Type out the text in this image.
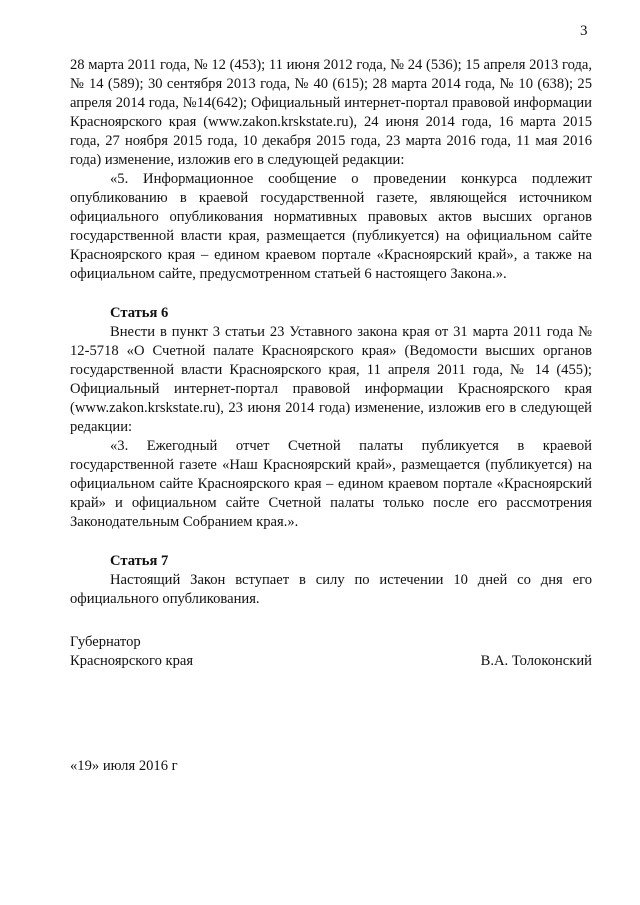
3

28 марта 2011 года, № 12 (453); 11 июня 2012 года, № 24 (536); 15 апреля 2013 года, № 14 (589); 30 сентября 2013 года, № 40 (615); 28 марта 2014 года, № 10 (638); 25 апреля 2014 года, №14(642); Официальный интернет-портал правовой информации Красноярского края (www.zakon.krskstate.ru), 24 июня 2014 года, 16 марта 2015 года, 27 ноября 2015 года, 10 декабря 2015 года, 23 марта 2016 года, 11 мая 2016 года) изменение, изложив его в следующей редакции:

«5. Информационное сообщение о проведении конкурса подлежит опубликованию в краевой государственной газете, являющейся источником официального опубликования нормативных правовых актов высших органов государственной власти края, размещается (публикуется) на официальном сайте Красноярского края – едином краевом портале «Красноярский край», а также на официальном сайте, предусмотренном статьей 6 настоящего Закона.».

Статья 6

Внести в пункт 3 статьи 23 Уставного закона края от 31 марта 2011 года № 12-5718 «О Счетной палате Красноярского края» (Ведомости высших органов государственной власти Красноярского края, 11 апреля 2011 года, № 14 (455); Официальный интернет-портал правовой информации Красноярского края (www.zakon.krskstate.ru), 23 июня 2014 года) изменение, изложив его в следующей редакции:

«3. Ежегодный отчет Счетной палаты публикуется в краевой государственной газете «Наш Красноярский край», размещается (публикуется) на официальном сайте Красноярского края – едином краевом портале «Красноярский край» и официальном сайте Счетной палаты только после его рассмотрения Законодательным Собранием края.».

Статья 7

Настоящий Закон вступает в силу по истечении 10 дней со дня его официального опубликования.

Губернатор
Красноярского края	В.А. Толоконский
«19» июля 2016 г
